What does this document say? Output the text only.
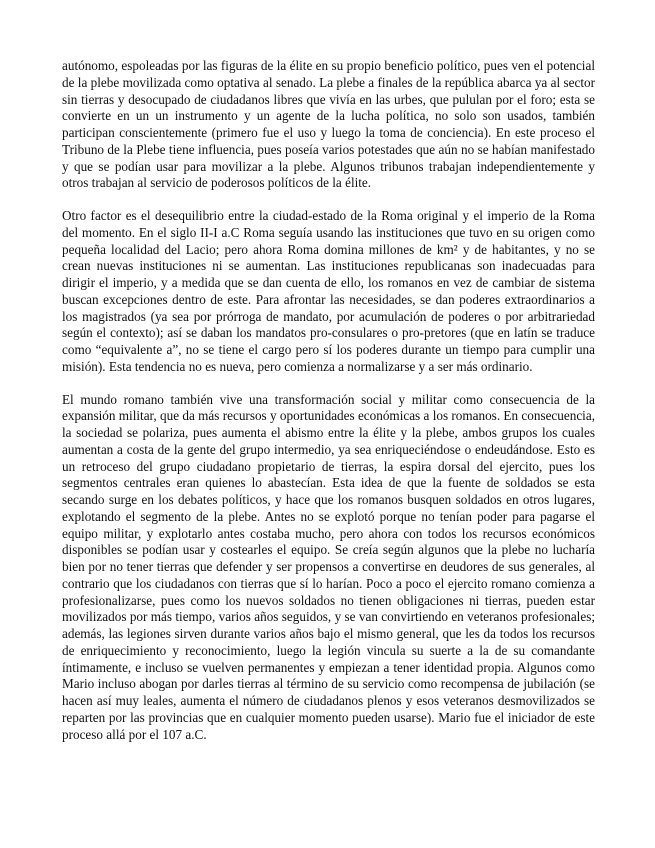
autónomo, espoleadas por las figuras de la élite en su propio beneficio político, pues ven el potencial de la plebe movilizada como optativa al senado. La plebe a finales de la república abarca ya al sector sin tierras y desocupado de ciudadanos libres que vivía en las urbes, que pululan por el foro; esta se convierte en un un instrumento y un agente de la lucha política, no solo son usados, también participan conscientemente (primero fue el uso y luego la toma de conciencia). En este proceso el Tribuno de la Plebe tiene influencia, pues poseía varios potestades que aún no se habían manifestado y que se podían usar para movilizar a la plebe. Algunos tribunos trabajan independientemente y otros trabajan al servicio de poderosos políticos de la élite.

Otro factor es el desequilibrio entre la ciudad-estado de la Roma original y el imperio de la Roma del momento. En el siglo II-I a.C Roma seguía usando las instituciones que tuvo en su origen como pequeña localidad del Lacio; pero ahora Roma domina millones de km² y de habitantes, y no se crean nuevas instituciones ni se aumentan. Las instituciones republicanas son inadecuadas para dirigir el imperio, y a medida que se dan cuenta de ello, los romanos en vez de cambiar de sistema buscan excepciones dentro de este. Para afrontar las necesidades, se dan poderes extraordinarios a los magistrados (ya sea por prórroga de mandato, por acumulación de poderes o por arbitrariedad según el contexto); así se daban los mandatos pro-consulares o pro-pretores (que en latín se traduce como “equivalente a”, no se tiene el cargo pero sí los poderes durante un tiempo para cumplir una misión). Esta tendencia no es nueva, pero comienza a normalizarse y a ser más ordinario.

El mundo romano también vive una transformación social y militar como consecuencia de la expansión militar, que da más recursos y oportunidades económicas a los romanos. En consecuencia, la sociedad se polariza, pues aumenta el abismo entre la élite y la plebe, ambos grupos los cuales aumentan a costa de la gente del grupo intermedio, ya sea enriqueciéndose o endeudándose. Esto es un retroceso del grupo ciudadano propietario de tierras, la espira dorsal del ejercito, pues los segmentos centrales eran quienes lo abastecían. Esta idea de que la fuente de soldados se esta secando surge en los debates políticos, y hace que los romanos busquen soldados en otros lugares, explotando el segmento de la plebe. Antes no se explotó porque no tenían poder para pagarse el equipo militar, y explotarlo antes costaba mucho, pero ahora con todos los recursos económicos disponibles se podían usar y costearles el equipo. Se creía según algunos que la plebe no lucharía bien por no tener tierras que defender y ser propensos a convertirse en deudores de sus generales, al contrario que los ciudadanos con tierras que sí lo harían. Poco a poco el ejercito romano comienza a profesionalizarse, pues como los nuevos soldados no tienen obligaciones ni tierras, pueden estar movilizados por más tiempo, varios años seguidos, y se van convirtiendo en veteranos profesionales; además, las legiones sirven durante varios años bajo el mismo general, que les da todos los recursos de enriquecimiento y reconocimiento, luego la legión vincula su suerte a la de su comandante íntimamente, e incluso se vuelven permanentes y empiezan a tener identidad propia. Algunos como Mario incluso abogan por darles tierras al término de su servicio como recompensa de jubilación (se hacen así muy leales, aumenta el número de ciudadanos plenos y esos veteranos desmovilizados se reparten por las provincias que en cualquier momento pueden usarse). Mario fue el iniciador de este proceso allá por el 107 a.C.
